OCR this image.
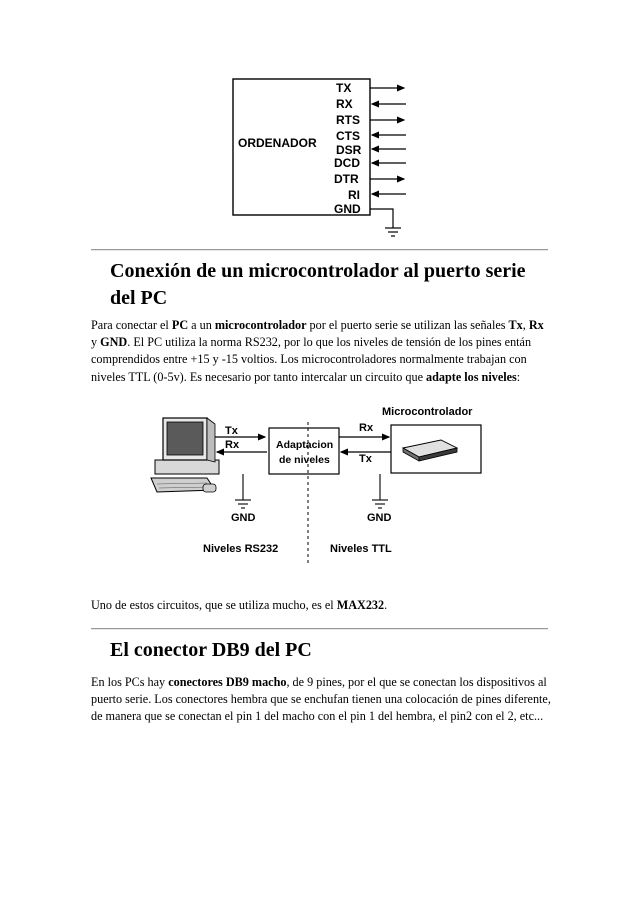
ORDENADOR
TX
RX
RTS
CTS
DSR
DCD
DTR
RI
GND
Conexión de un microcontrolador al puerto serie
del PC

Para conectar el PC a un microcontrolador por el puerto serie se utilizan las señales Tx, Rx y GND. El PC utiliza la norma RS232, por lo que los niveles de tensión de los pines entán comprendidos entre +15 y -15 voltios. Los microcontroladores normalmente trabajan con niveles TTL (0-5v). Es necesario por tanto intercalar un circuito que adapte los niveles:

Tx
Rx	Adaptacion
de niveles
Microcontrolador
Rx
Tx
GND	GND
Niveles RS232	Niveles TTL

Uno de estos circuitos, que se utiliza mucho, es el MAX232.

El conector DB9 del PC

En los PCs hay conectores DB9 macho, de 9 pines, por el que se conectan los dispositivos al puerto serie. Los conectores hembra que se enchufan tienen una colocación de pines diferente, de manera que se conectan el pin 1 del macho con el pin 1 del hembra, el pin2 con el 2, etc...
